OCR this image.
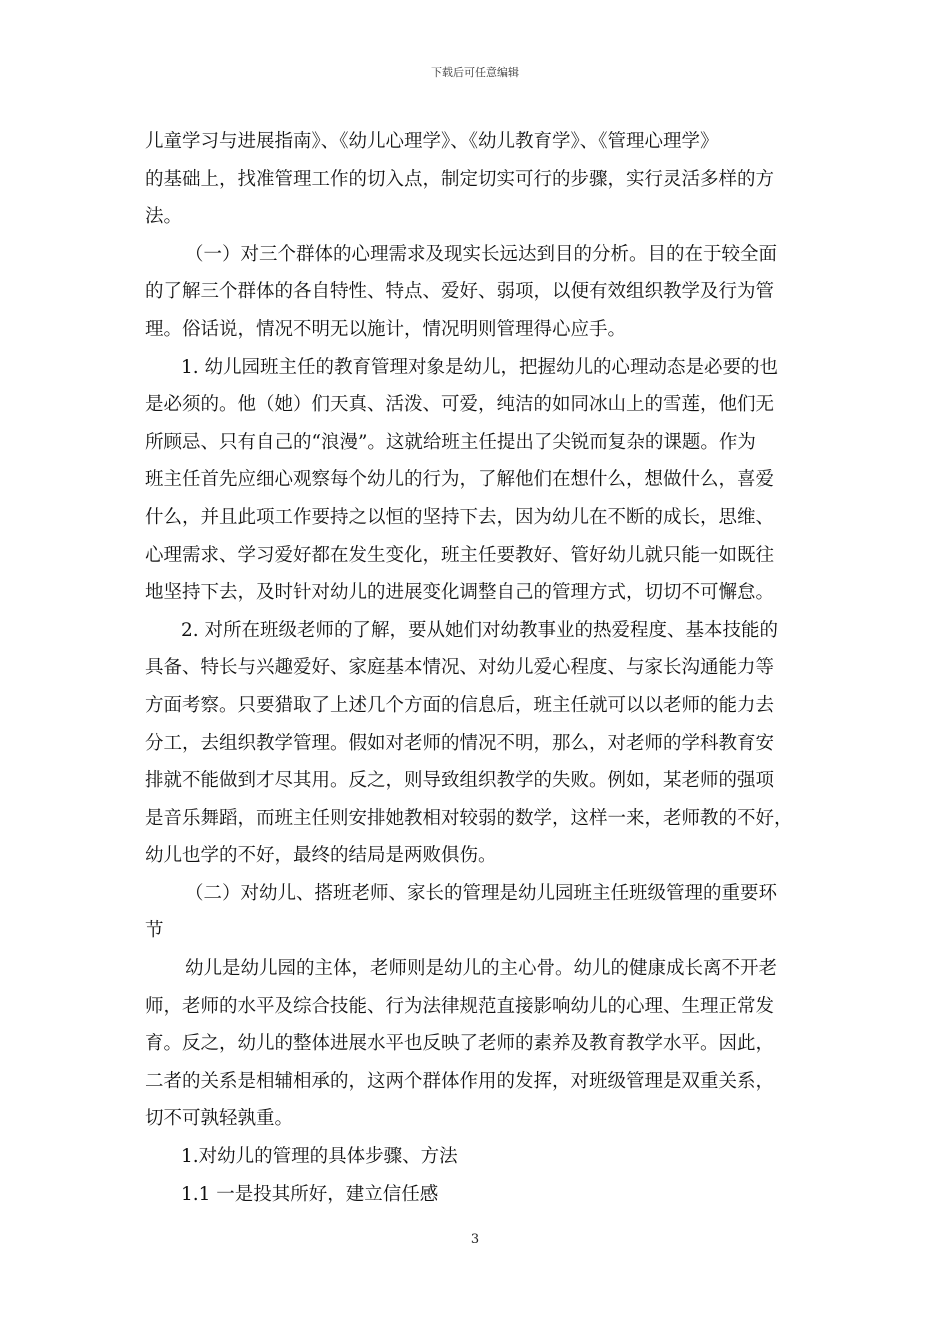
下载后可任意编辑
儿童学习与进展指南》、《幼儿心理学》、《幼儿教育学》、《管理心理学》
的基础上，找准管理工作的切入点，制定切实可行的步骤，实行灵活多样的方
法。
（一）对三个群体的心理需求及现实长远达到目的分析。目的在于较全面
的了解三个群体的各自特性、特点、爱好、弱项，以便有效组织教学及行为管
理。俗话说，情况不明无以施计，情况明则管理得心应手。
1. 幼儿园班主任的教育管理对象是幼儿，把握幼儿的心理动态是必要的也
是必须的。他（她）们天真、活泼、可爱，纯洁的如同冰山上的雪莲，他们无
所顾忌、只有自己的“浪漫”。这就给班主任提出了尖锐而复杂的课题。作为
班主任首先应细心观察每个幼儿的行为，了解他们在想什么，想做什么，喜爱
什么，并且此项工作要持之以恒的坚持下去，因为幼儿在不断的成长，思维、
心理需求、学习爱好都在发生变化，班主任要教好、管好幼儿就只能一如既往
地坚持下去，及时针对幼儿的进展变化调整自己的管理方式，切切不可懈怠。
2. 对所在班级老师的了解，要从她们对幼教事业的热爱程度、基本技能的
具备、特长与兴趣爱好、家庭基本情况、对幼儿爱心程度、与家长沟通能力等
方面考察。只要猎取了上述几个方面的信息后，班主任就可以以老师的能力去
分工，去组织教学管理。假如对老师的情况不明，那么，对老师的学科教育安
排就不能做到才尽其用。反之，则导致组织教学的失败。例如，某老师的强项
是音乐舞蹈，而班主任则安排她教相对较弱的数学，这样一来，老师教的不好，
幼儿也学的不好，最终的结局是两败俱伤。
（二）对幼儿、搭班老师、家长的管理是幼儿园班主任班级管理的重要环
节
幼儿是幼儿园的主体，老师则是幼儿的主心骨。幼儿的健康成长离不开老
师，老师的水平及综合技能、行为法律规范直接影响幼儿的心理、生理正常发
育。反之，幼儿的整体进展水平也反映了老师的素养及教育教学水平。因此，
二者的关系是相辅相承的，这两个群体作用的发挥，对班级管理是双重关系，
切不可孰轻孰重。
1.对幼儿的管理的具体步骤、方法
1.1 一是投其所好，建立信任感
3
